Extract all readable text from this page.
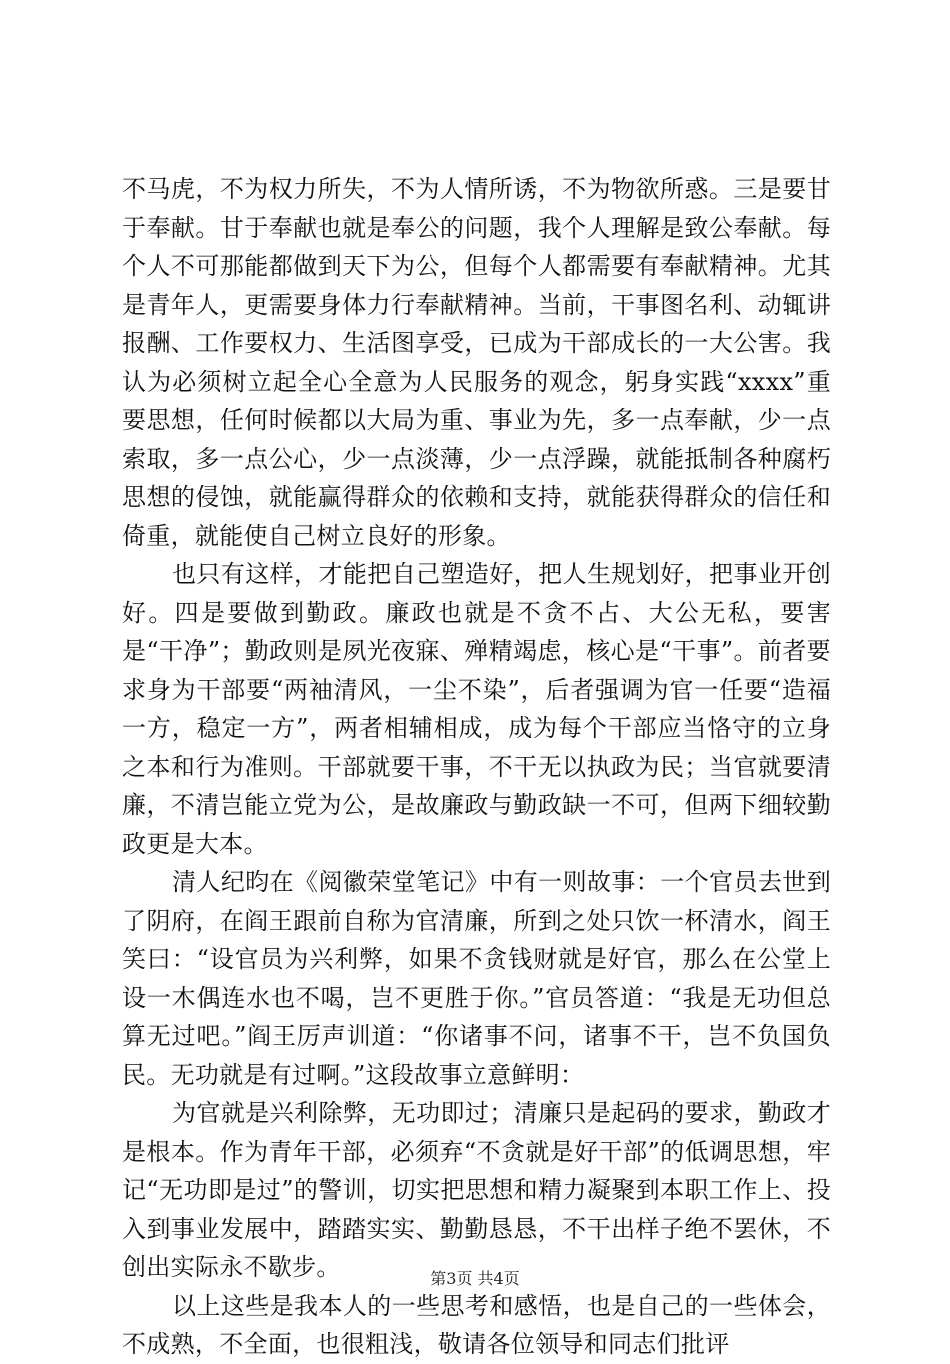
不马虎，不为权力所失，不为人情所诱，不为物欲所惑。三是要甘于奉献。甘于奉献也就是奉公的问题，我个人理解是致公奉献。每个人不可那能都做到天下为公，但每个人都需要有奉献精神。尤其是青年人，更需要身体力行奉献精神。当前，干事图名利、动辄讲报酬、工作要权力、生活图享受，已成为干部成长的一大公害。我认为必须树立起全心全意为人民服务的观念，躬身实践“xxxx”重要思想，任何时候都以大局为重、事业为先，多一点奉献，少一点索取，多一点公心，少一点淡薄，少一点浮躁，就能抵制各种腐朽思想的侵蚀，就能赢得群众的依赖和支持，就能获得群众的信任和倚重，就能使自己树立良好的形象。

也只有这样，才能把自己塑造好，把人生规划好，把事业开创好。四是要做到勤政。廉政也就是不贪不占、大公无私，要害是“干净”；勤政则是夙光夜寐、殚精竭虑，核心是“干事”。前者要求身为干部要“两袖清风，一尘不染”，后者强调为官一任要“造福一方，稳定一方”，两者相辅相成，成为每个干部应当恪守的立身之本和行为准则。干部就要干事，不干无以执政为民；当官就要清廉，不清岂能立党为公，是故廉政与勤政缺一不可，但两下细较勤政更是大本。

清人纪昀在《阅徽荣堂笔记》中有一则故事：一个官员去世到了阴府，在阎王跟前自称为官清廉，所到之处只饮一杯清水，阎王笑曰：“设官员为兴利弊，如果不贪钱财就是好官，那么在公堂上设一木偶连水也不喝，岂不更胜于你。”官员答道：“我是无功但总算无过吧。”阎王厉声训道：“你诸事不问，诸事不干，岂不负国负民。无功就是有过啊。”这段故事立意鲜明：

为官就是兴利除弊，无功即过；清廉只是起码的要求，勤政才是根本。作为青年干部，必须弃“不贪就是好干部”的低调思想，牢记“无功即是过”的警训，切实把思想和精力凝聚到本职工作上、投入到事业发展中，踏踏实实、勤勤恳恳，不干出样子绝不罢休，不创出实际永不歇步。

以上这些是我本人的一些思考和感悟，也是自己的一些体会，不成熟，不全面，也很粗浅，敬请各位领导和同志们批评

第3页 共4页
